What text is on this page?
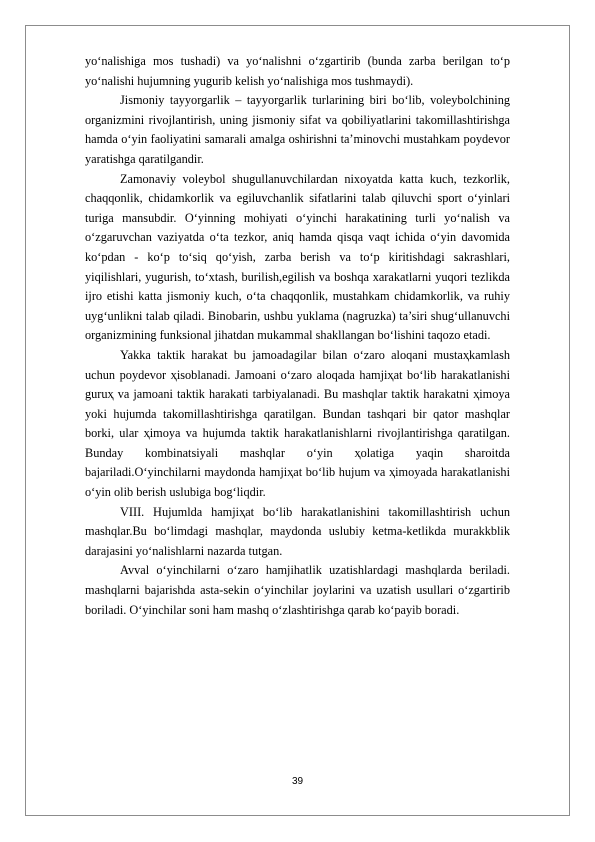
yo‘nalishiga mos tushadi) va yo‘nalishni o‘zgartirib (bunda zarba berilgan to‘p yo‘nalishi hujumning yugurib kelish yo‘nalishiga mos tushmaydi).

Jismoniy tayyorgarlik – tayyorgarlik turlarining biri bo‘lib, voleybolchining organizmini rivojlantirish, uning jismoniy sifat va qobiliyatlarini takomillashtirishga hamda o‘yin faoliyatini samarali amalga oshirishni ta’minovchi mustahkam poydevor yaratishga qaratilgandir.

Zamonaviy voleybol shugullanuvchilardan nixoyatda katta kuch, tezkorlik, chaqqonlik, chidamkorlik va egiluvchanlik sifatlarini talab qiluvchi sport o‘yinlari turiga mansubdir. O‘yinning mohiyati o‘yinchi harakatining turli yo‘nalish va o‘zgaruvchan vaziyatda o‘ta tezkor, aniq hamda qisqa vaqt ichida o‘yin davomida ko‘pdan - ko‘p to‘siq qo‘yish, zarba berish va to‘p kiritishdagi sakrashlari, yiqilishlari, yugurish, to‘xtash, burilish,egilish va boshqa xarakatlarni yuqori tezlikda ijro etishi katta jismoniy kuch, o‘ta chaqqonlik, mustahkam chidamkorlik, va ruhiy uyg‘unlikni talab qiladi. Binobarin, ushbu yuklama (nagruzka) ta’siri shug‘ullanuvchi organizmining funksional jihatdan mukammal shakllangan bo‘lishini taqozo etadi.

Yakka taktik harakat bu jamoadagilar bilan o‘zaro aloqani mustaҳkamlash uchun poydevor ҳisoblanadi. Jamoani o‘zaro aloqada hamjiҳat bo‘lib harakatlanishi guruҳ va jamoani taktik harakati tarbiyalanadi. Bu mashqlar taktik harakatni ҳimoya yoki hujumda takomillashtirishga qaratilgan. Bundan tashqari bir qator mashqlar borki, ular ҳimoya va hujumda taktik harakatlanishlarni rivojlantirishga qaratilgan. Bunday kombinatsiyali mashqlar o‘yin ҳolatiga yaqin sharoitda bajariladi.O‘yinchilarni maydonda hamjiҳat bo‘lib hujum va ҳimoyada harakatlanishi o‘yin olib berish uslubiga bog‘liqdir.

VIII. Hujumlda hamjiҳat bo‘lib harakatlanishini takomillashtirish uchun mashqlar.Bu bo‘limdagi mashqlar, maydonda uslubiy ketma-ketlikda murakkblik darajasini yo‘nalishlarni nazarda tutgan.

Avval o‘yinchilarni o‘zaro hamjihatlik uzatishlardagi mashqlarda beriladi. mashqlarni bajarishda asta-sekin o‘yinchilar joylarini va uzatish usullari o‘zgartirib boriladi. O‘yinchilar soni ham mashq o‘zlashtirishga qarab ko‘payib boradi.

39
